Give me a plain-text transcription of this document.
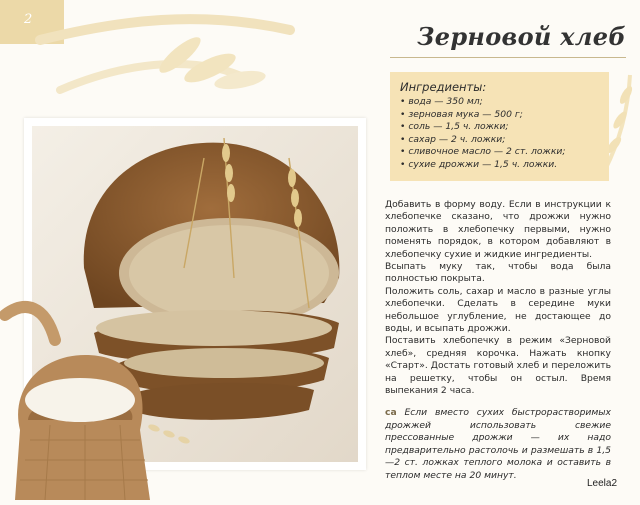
2
Зерновой хлеб
Ингредиенты:
• вода — 350 мл;
• зерновая мука — 500 г;
• соль — 1,5 ч. ложки;
• сахар — 2 ч. ложки;
• сливочное масло — 2 ст. ложки;
• сухие дрожжи — 1,5 ч. ложки.

Добавить в форму воду. Если в инструкции к хлебопечке сказано, что дрожжи нужно положить в хлебопечку первыми, нужно поменять порядок, в котором добавляют в хлебопечку сухие и жидкие ингредиенты.

Всыпать муку так, чтобы вода была полностью покрыта.

Положить соль, сахар и масло в разные углы хлебопечки. Сделать в середине муки небольшое углубление, не достающее до воды, и всыпать дрожжи.

Поставить хлебопечку в режим «Зерновой хлеб», средняя корочка. Нажать кнопку «Старт». Достать готовый хлеб и переложить на решетку, чтобы он остыл. Время выпекания 2 часа.

ca Если вместо сухих быстрорастворимых дрожжей использовать свежие прессованные дрожжи — их надо предварительно растолочь и размешать в 1,5—2 ст. ложках теплого молока и оставить в теплом месте на 20 минут.
Leela2
